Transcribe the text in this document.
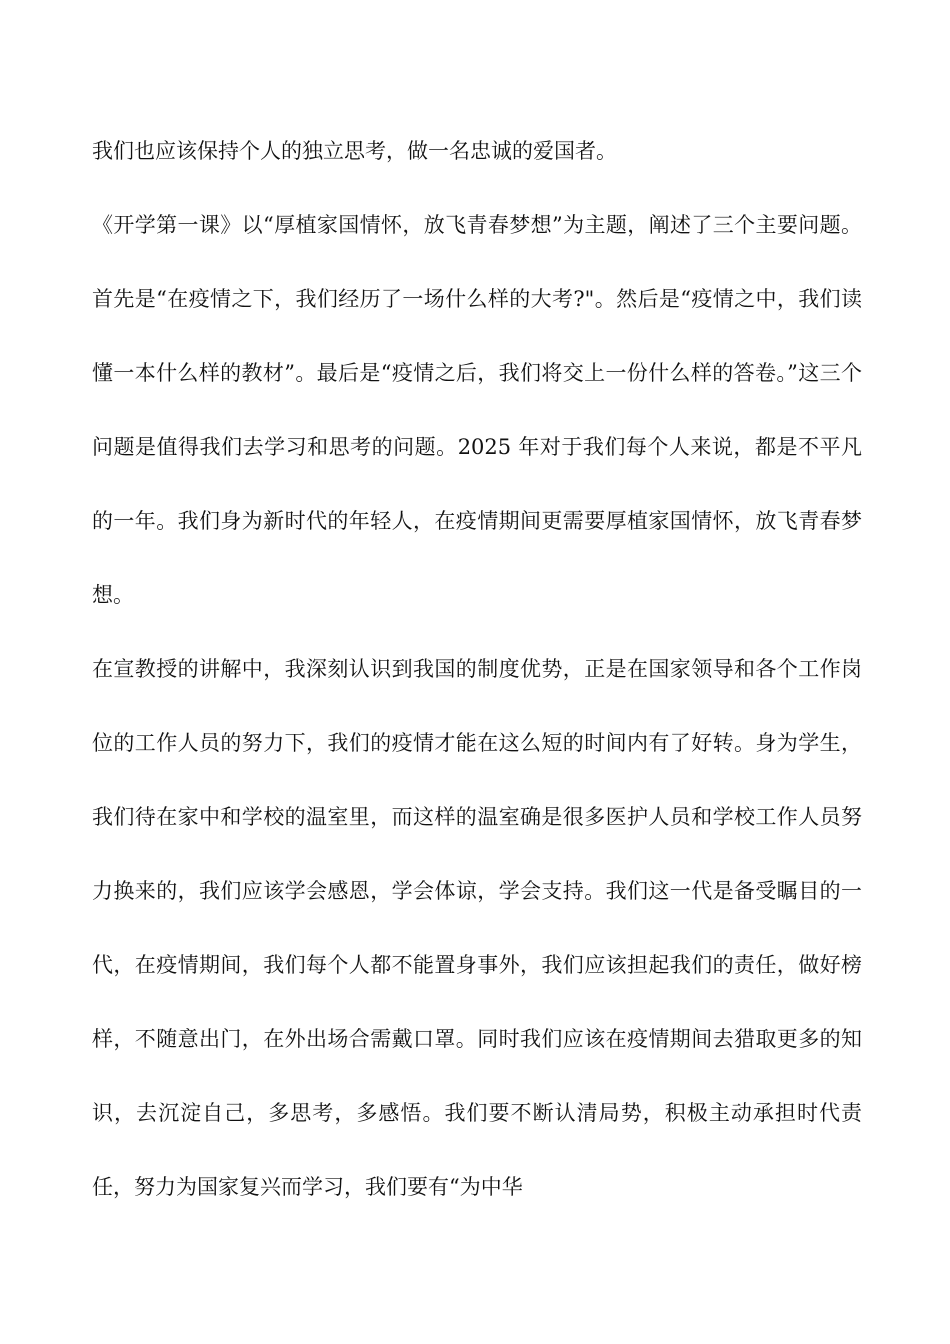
我们也应该保持个人的独立思考，做一名忠诚的爱国者。

《开学第一课》以“厚植家国情怀，放飞青春梦想”为主题，阐述了三个主要问题。首先是“在疫情之下，我们经历了一场什么样的大考?"。然后是“疫情之中，我们读懂一本什么样的教材”。最后是“疫情之后，我们将交上一份什么样的答卷。”这三个问题是值得我们去学习和思考的问题。2025 年对于我们每个人来说，都是不平凡的一年。我们身为新时代的年轻人，在疫情期间更需要厚植家国情怀，放飞青春梦想。

在宣教授的讲解中，我深刻认识到我国的制度优势，正是在国家领导和各个工作岗位的工作人员的努力下，我们的疫情才能在这么短的时间内有了好转。身为学生，我们待在家中和学校的温室里，而这样的温室确是很多医护人员和学校工作人员努力换来的，我们应该学会感恩，学会体谅，学会支持。我们这一代是备受瞩目的一代，在疫情期间，我们每个人都不能置身事外，我们应该担起我们的责任，做好榜样，不随意出门，在外出场合需戴口罩。同时我们应该在疫情期间去猎取更多的知识，去沉淀自己，多思考，多感悟。我们要不断认清局势，积极主动承担时代责任，努力为国家复兴而学习，我们要有“为中华
